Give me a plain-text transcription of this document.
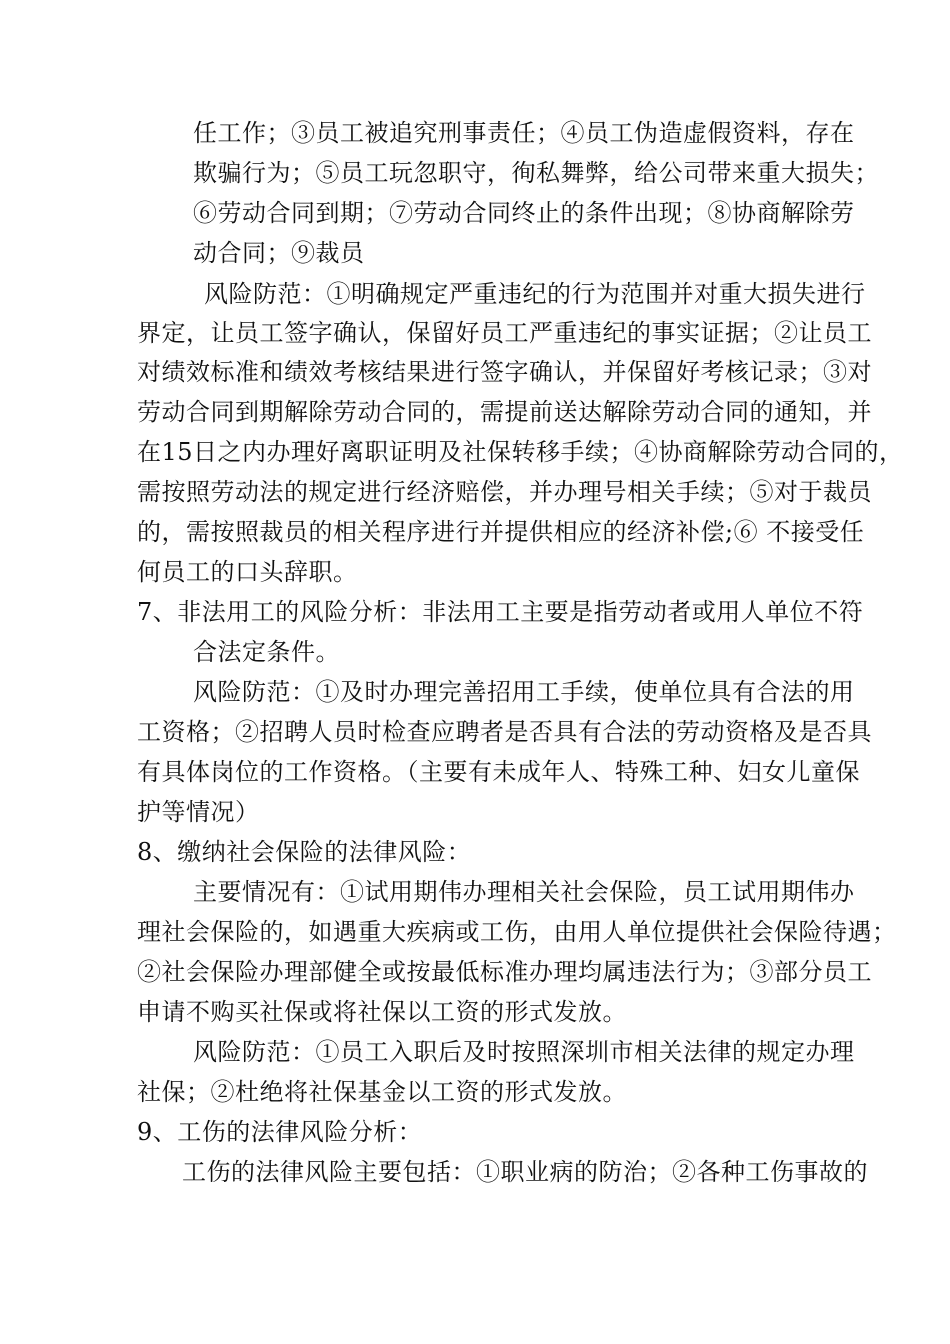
任工作；③员工被追究刑事责任；④员工伪造虚假资料，存在
欺骗行为；⑤员工玩忽职守，徇私舞弊，给公司带来重大损失；
⑥劳动合同到期；⑦劳动合同终止的条件出现；⑧协商解除劳
动合同；⑨裁员
风险防范：①明确规定严重违纪的行为范围并对重大损失进行
界定，让员工签字确认，保留好员工严重违纪的事实证据；②让员工
对绩效标准和绩效考核结果进行签字确认，并保留好考核记录；③对
劳动合同到期解除劳动合同的，需提前送达解除劳动合同的通知，并
在15日之内办理好离职证明及社保转移手续；④协商解除劳动合同的，
需按照劳动法的规定进行经济赔偿，并办理号相关手续；⑤对于裁员
的，需按照裁员的相关程序进行并提供相应的经济补偿;⑥ 不接受任
何员工的口头辞职。
7、非法用工的风险分析：非法用工主要是指劳动者或用人单位不符
合法定条件。
风险防范：①及时办理完善招用工手续，使单位具有合法的用
工资格；②招聘人员时检查应聘者是否具有合法的劳动资格及是否具
有具体岗位的工作资格。（主要有未成年人、特殊工种、妇女儿童保
护等情况）
8、缴纳社会保险的法律风险：
主要情况有：①试用期伟办理相关社会保险，员工试用期伟办
理社会保险的，如遇重大疾病或工伤，由用人单位提供社会保险待遇；
②社会保险办理部健全或按最低标准办理均属违法行为；③部分员工
申请不购买社保或将社保以工资的形式发放。
风险防范：①员工入职后及时按照深圳市相关法律的规定办理
社保；②杜绝将社保基金以工资的形式发放。
9、工伤的法律风险分析：
工伤的法律风险主要包括：①职业病的防治；②各种工伤事故的
